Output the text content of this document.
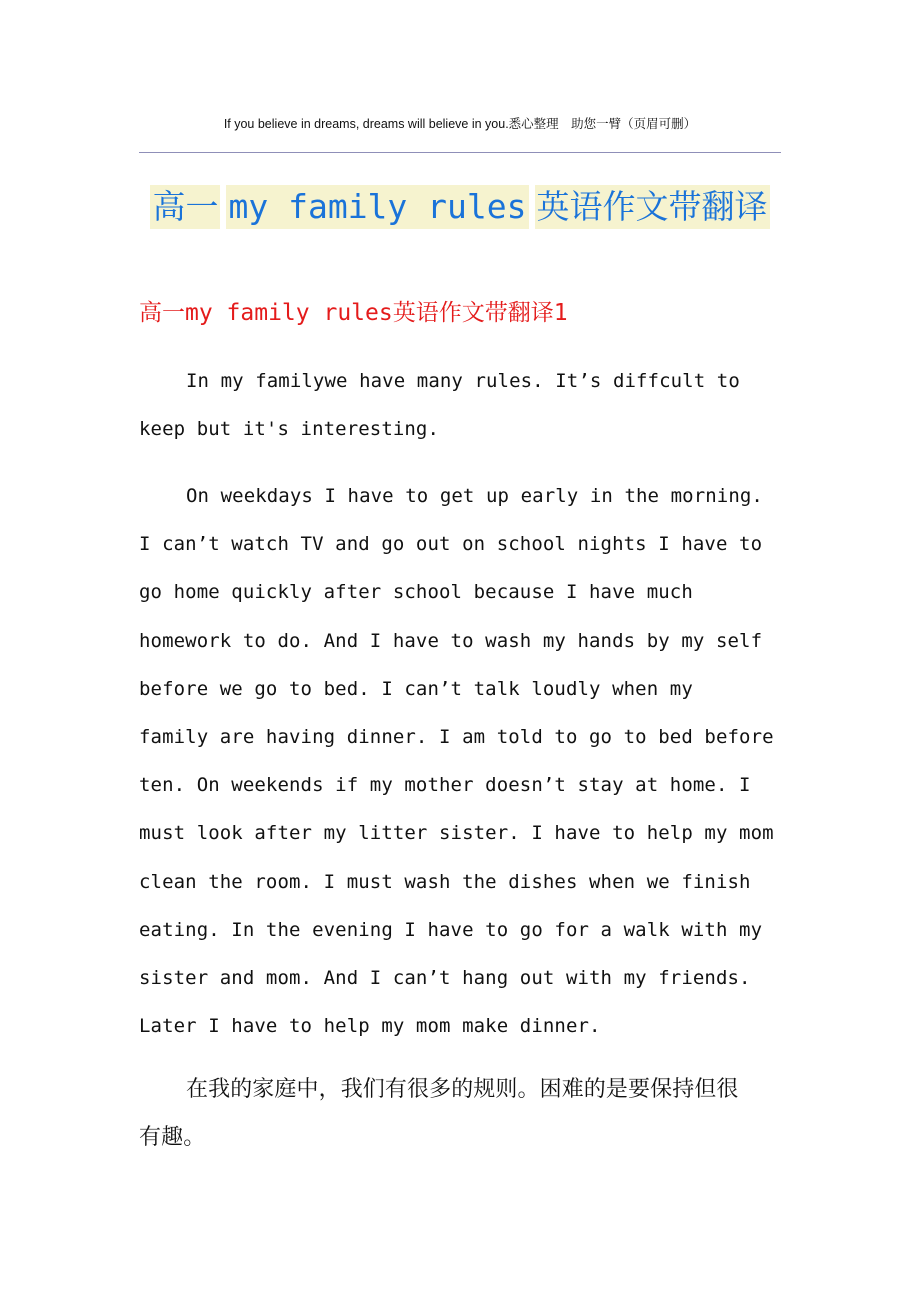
If you believe in dreams, dreams will believe in you.悉心整理　助您一臂（页眉可删）
高一 my family rules 英语作文带翻译
高一my family rules英语作文带翻译1
In my familywe have many rules. It’s diffcult to
keep but it's interesting.
On weekdays I have to get up early in the morning.
I can’t watch TV and go out on school nights I have to
go home quickly after school because I have much
homework to do. And I have to wash my hands by my self
before we go to bed. I can’t talk loudly when my
family are having dinner. I am told to go to bed before
ten. On weekends if my mother doesn’t stay at home. I
must look after my litter sister. I have to help my mom
clean the room. I must wash the dishes when we finish
eating. In the evening I have to go for a walk with my
sister and mom. And I can’t hang out with my friends.
Later I have to help my mom make dinner.
在我的家庭中，我们有很多的规则。困难的是要保持但很
有趣。
